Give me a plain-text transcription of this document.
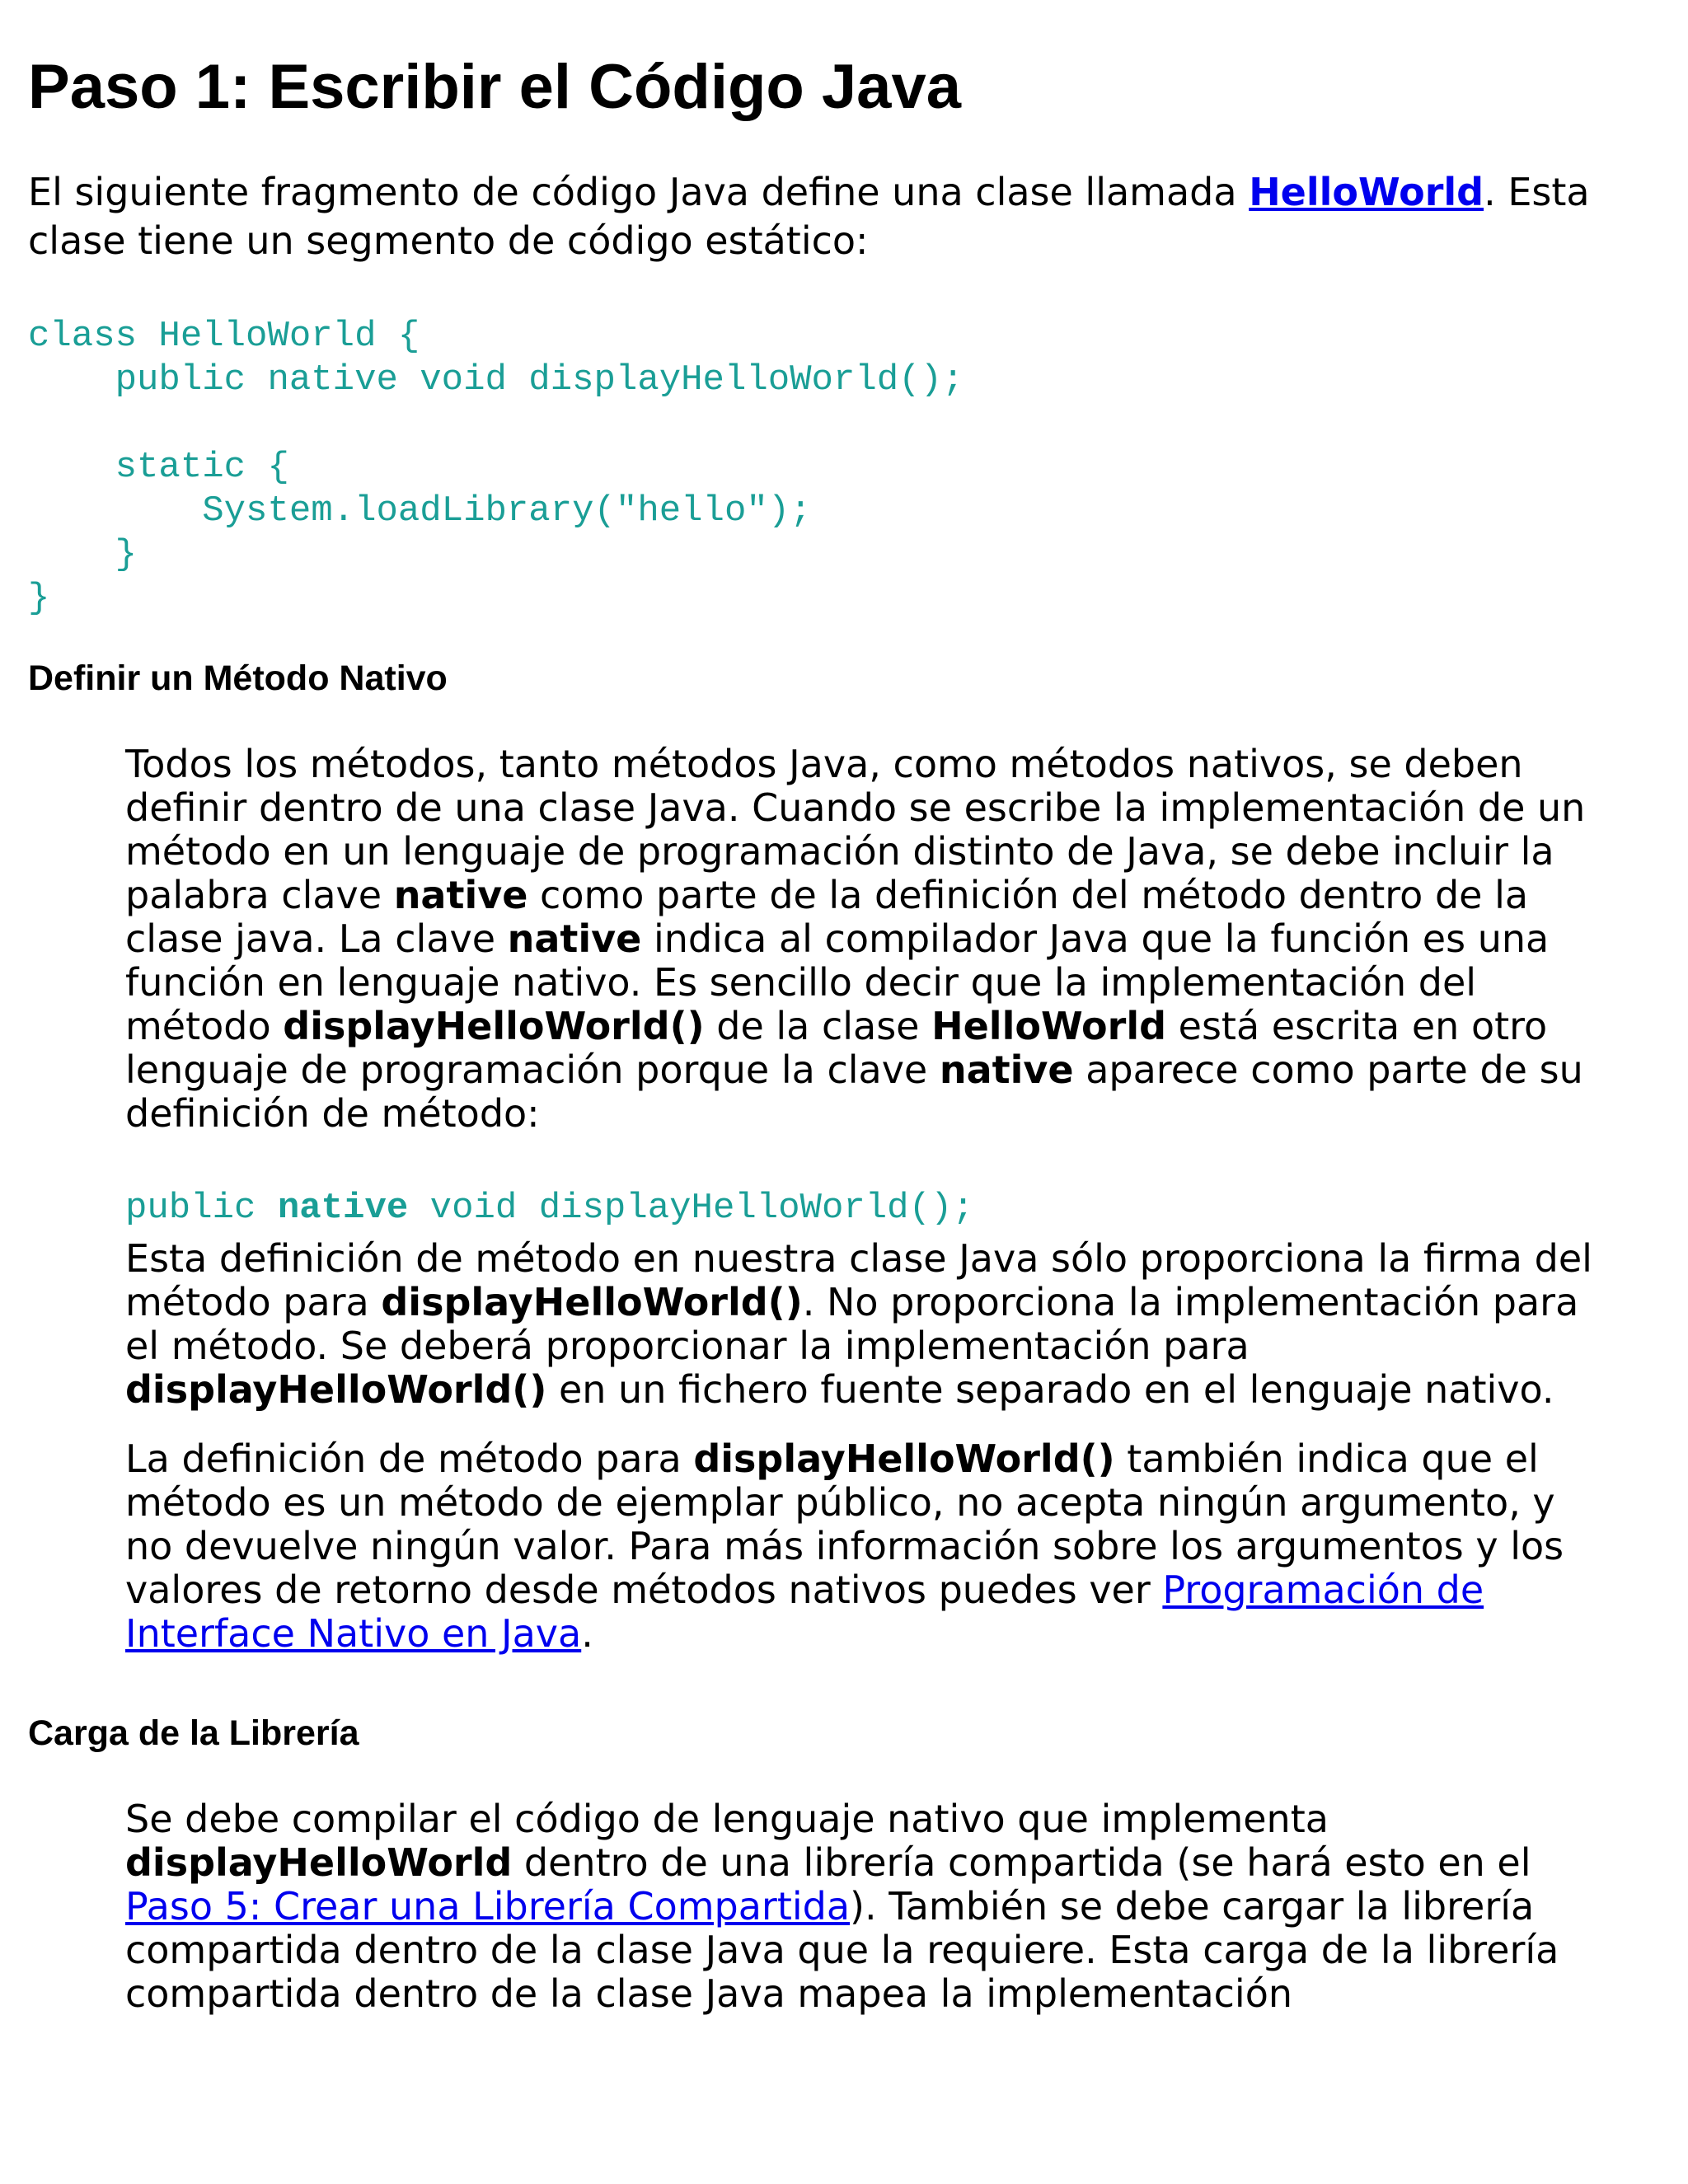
Paso 1: Escribir el Código Java

El siguiente fragmento de código Java define una clase llamada HelloWorld. Esta clase tiene un segmento de código estático:

class HelloWorld {
public native void displayHelloWorld();

static {
System.loadLibrary("hello");
}
}
Definir un Método Nativo

Todos los métodos, tanto métodos Java, como métodos nativos, se deben definir dentro de una clase Java. Cuando se escribe la implementación de un método en un lenguaje de programación distinto de Java, se debe incluir la palabra clave native como parte de la definición del método dentro de la clase java. La clave native indica al compilador Java que la función es una función en lenguaje nativo. Es sencillo decir que la implementación del método displayHelloWorld() de la clase HelloWorld está escrita en otro lenguaje de programación porque la clave native aparece como parte de su definición de método:

public native void displayHelloWorld();

Esta definición de método en nuestra clase Java sólo proporciona la firma del método para displayHelloWorld(). No proporciona la implementación para el método. Se deberá proporcionar la implementación para displayHelloWorld() en un fichero fuente separado en el lenguaje nativo.

La definición de método para displayHelloWorld() también indica que el método es un método de ejemplar público, no acepta ningún argumento, y no devuelve ningún valor. Para más información sobre los argumentos y los valores de retorno desde métodos nativos puedes ver Programación de Interface Nativo en Java.

Carga de la Librería

Se debe compilar el código de lenguaje nativo que implementa displayHelloWorld dentro de una librería compartida (se hará esto en el Paso 5: Crear una Librería Compartida). También se debe cargar la librería compartida dentro de la clase Java que la requiere. Esta carga de la librería compartida dentro de la clase Java mapea la implementación
